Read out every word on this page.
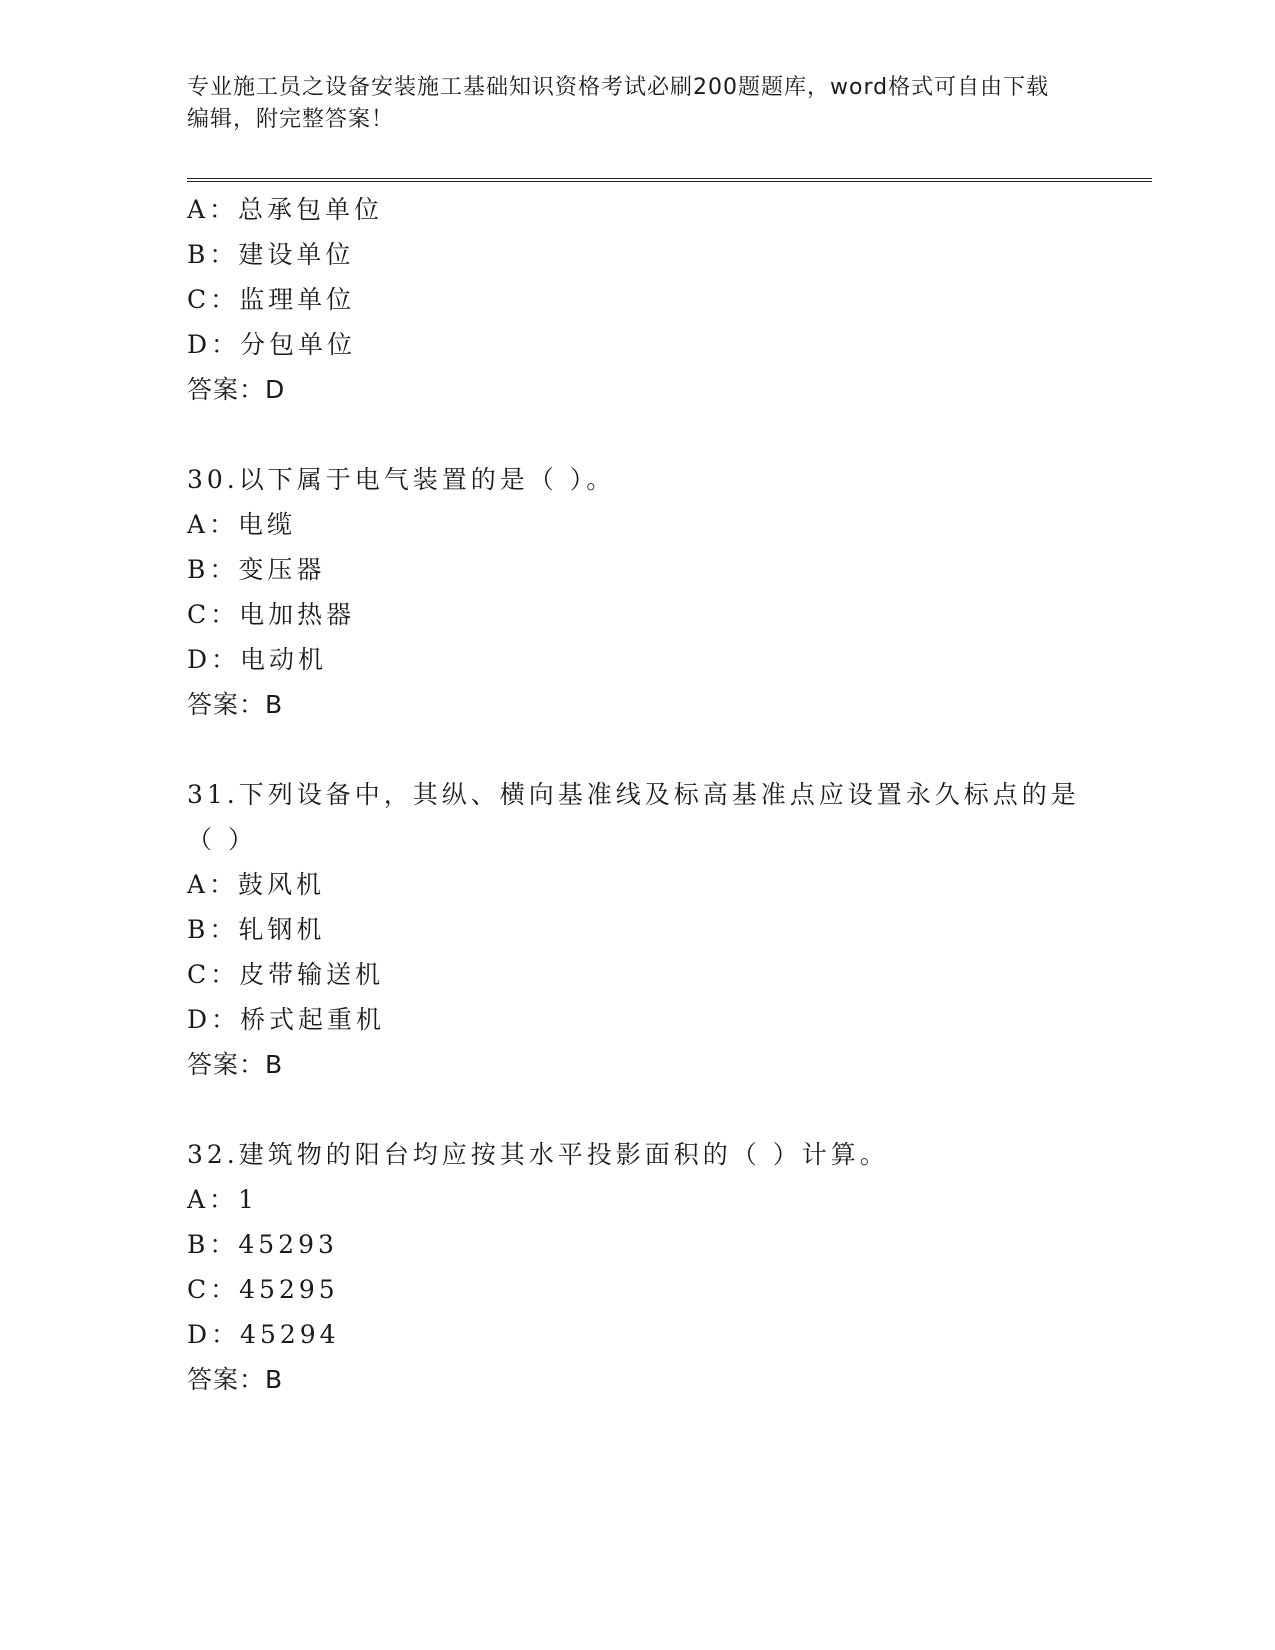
专业施工员之设备安装施工基础知识资格考试必刷200题题库，word格式可自由下载编辑，附完整答案！
A：总承包单位
B：建设单位
C：监理单位
D：分包单位
答案：D
30.以下属于电气装置的是（ ）。
A：电缆
B：变压器
C：电加热器
D：电动机
答案：B
31.下列设备中，其纵、横向基准线及标高基准点应设置永久标点的是
（ ）
A：鼓风机
B：轧钢机
C：皮带输送机
D：桥式起重机
答案：B
32.建筑物的阳台均应按其水平投影面积的（ ）计算。
A：1
B：45293
C：45295
D：45294
答案：B
